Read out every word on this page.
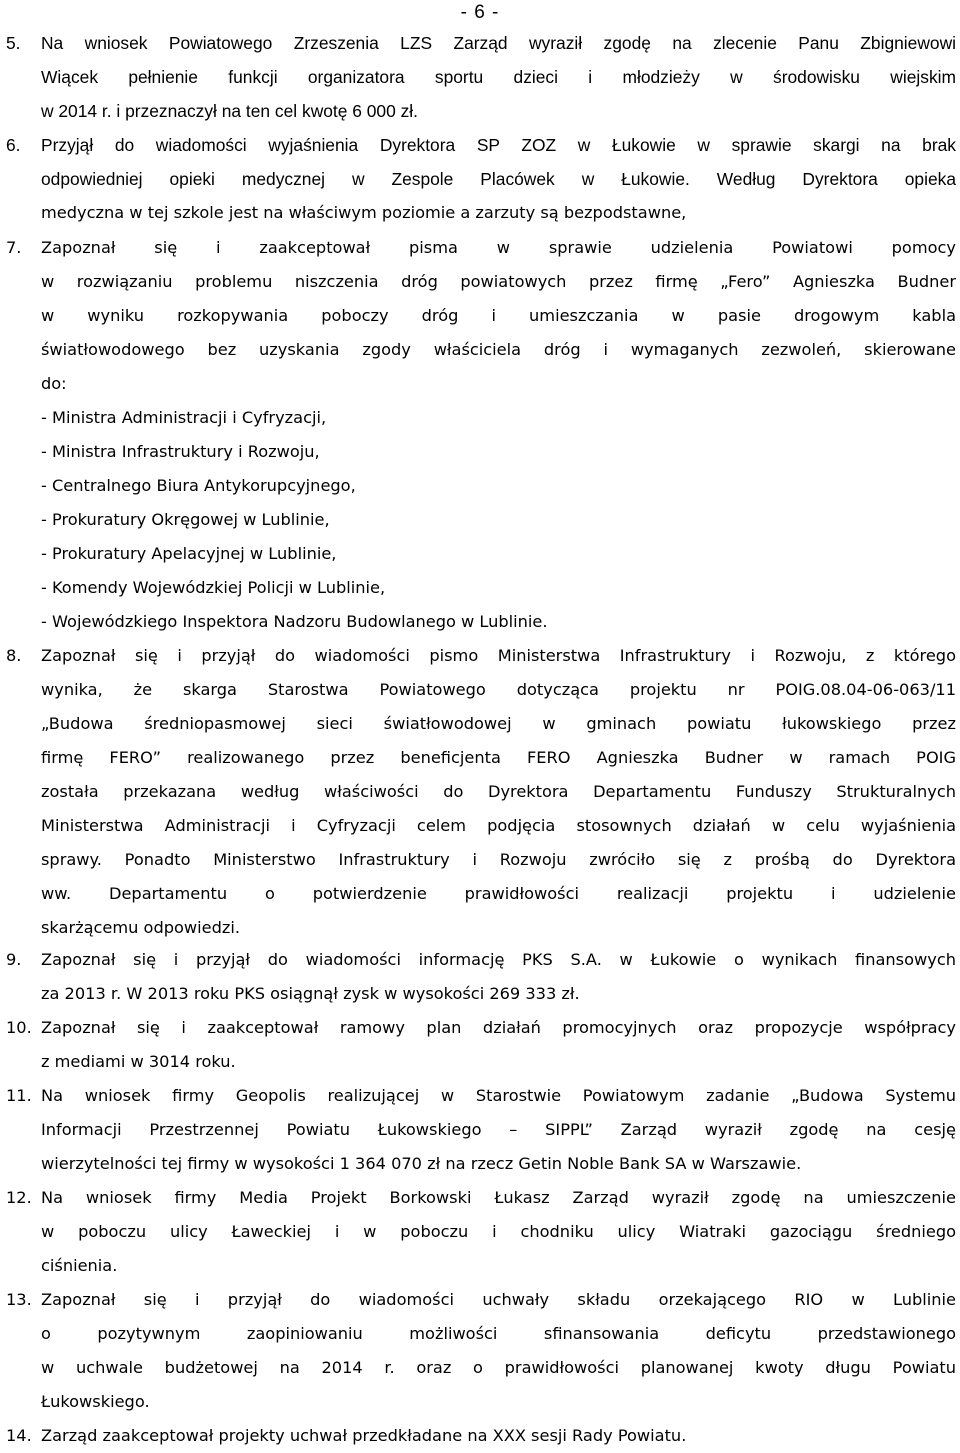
- 6 -
5. Na wniosek Powiatowego Zrzeszenia LZS Zarząd wyraził zgodę na zlecenie Panu Zbigniewowi
Wiącek pełnienie funkcji organizatora sportu dzieci i młodzieży w środowisku wiejskim
w 2014 r. i przeznaczył na ten cel kwotę 6 000 zł.
6. Przyjął do wiadomości wyjaśnienia Dyrektora SP ZOZ w Łukowie w sprawie skargi na brak
odpowiedniej opieki medycznej w Zespole Placówek w Łukowie. Według Dyrektora opieka
medyczna w tej szkole jest na właściwym poziomie a zarzuty są bezpodstawne,
7. Zapoznał się i zaakceptował pisma w sprawie udzielenia Powiatowi pomocy
w rozwiązaniu problemu niszczenia dróg powiatowych przez firmę „Fero” Agnieszka Budner
w wyniku rozkopywania poboczy dróg i umieszczania w pasie drogowym kabla
światłowodowego bez uzyskania zgody właściciela dróg i wymaganych zezwoleń, skierowane
do:
- Ministra Administracji i Cyfryzacji,
- Ministra Infrastruktury i Rozwoju,
- Centralnego Biura Antykorupcyjnego,
- Prokuratury Okręgowej w Lublinie,
- Prokuratury Apelacyjnej w Lublinie,
- Komendy Wojewódzkiej Policji w Lublinie,
- Wojewódzkiego Inspektora Nadzoru Budowlanego w Lublinie.
8. Zapoznał się i przyjął do wiadomości pismo Ministerstwa Infrastruktury i Rozwoju, z którego
wynika, że skarga Starostwa Powiatowego dotycząca projektu nr POIG.08.04-06-063/11
„Budowa średniopasmowej sieci światłowodowej w gminach powiatu łukowskiego przez
firmę FERO” realizowanego przez beneficjenta FERO Agnieszka Budner w ramach POIG
została przekazana według właściwości do Dyrektora Departamentu Funduszy Strukturalnych
Ministerstwa Administracji i Cyfryzacji celem podjęcia stosownych działań w celu wyjaśnienia
sprawy. Ponadto Ministerstwo Infrastruktury i Rozwoju zwróciło się z prośbą do Dyrektora
ww. Departamentu o potwierdzenie prawidłowości realizacji projektu i udzielenie
skarżącemu odpowiedzi.
9. Zapoznał się i przyjął do wiadomości informację PKS S.A. w Łukowie o wynikach finansowych
za 2013 r. W 2013 roku PKS osiągnął zysk w wysokości 269 333 zł.
10. Zapoznał się i zaakceptował ramowy plan działań promocyjnych oraz propozycje współpracy
z mediami w 3014 roku.
11. Na wniosek firmy Geopolis realizującej w Starostwie Powiatowym zadanie „Budowa Systemu
Informacji Przestrzennej Powiatu Łukowskiego – SIPPL” Zarząd wyraził zgodę na cesję
wierzytelności tej firmy w wysokości 1 364 070 zł na rzecz Getin Noble Bank SA w Warszawie.
12. Na wniosek firmy Media Projekt Borkowski Łukasz Zarząd wyraził zgodę na umieszczenie
w poboczu ulicy Ławeckiej i w poboczu i chodniku ulicy Wiatraki gazociągu średniego
ciśnienia.
13. Zapoznał się i przyjął do wiadomości uchwały składu orzekającego RIO w Lublinie
o pozytywnym zaopiniowaniu możliwości sfinansowania deficytu przedstawionego
w uchwale budżetowej na 2014 r. oraz o prawidłowości planowanej kwoty długu Powiatu
Łukowskiego.
14. Zarząd zaakceptował projekty uchwał przedkładane na XXX sesji Rady Powiatu.
